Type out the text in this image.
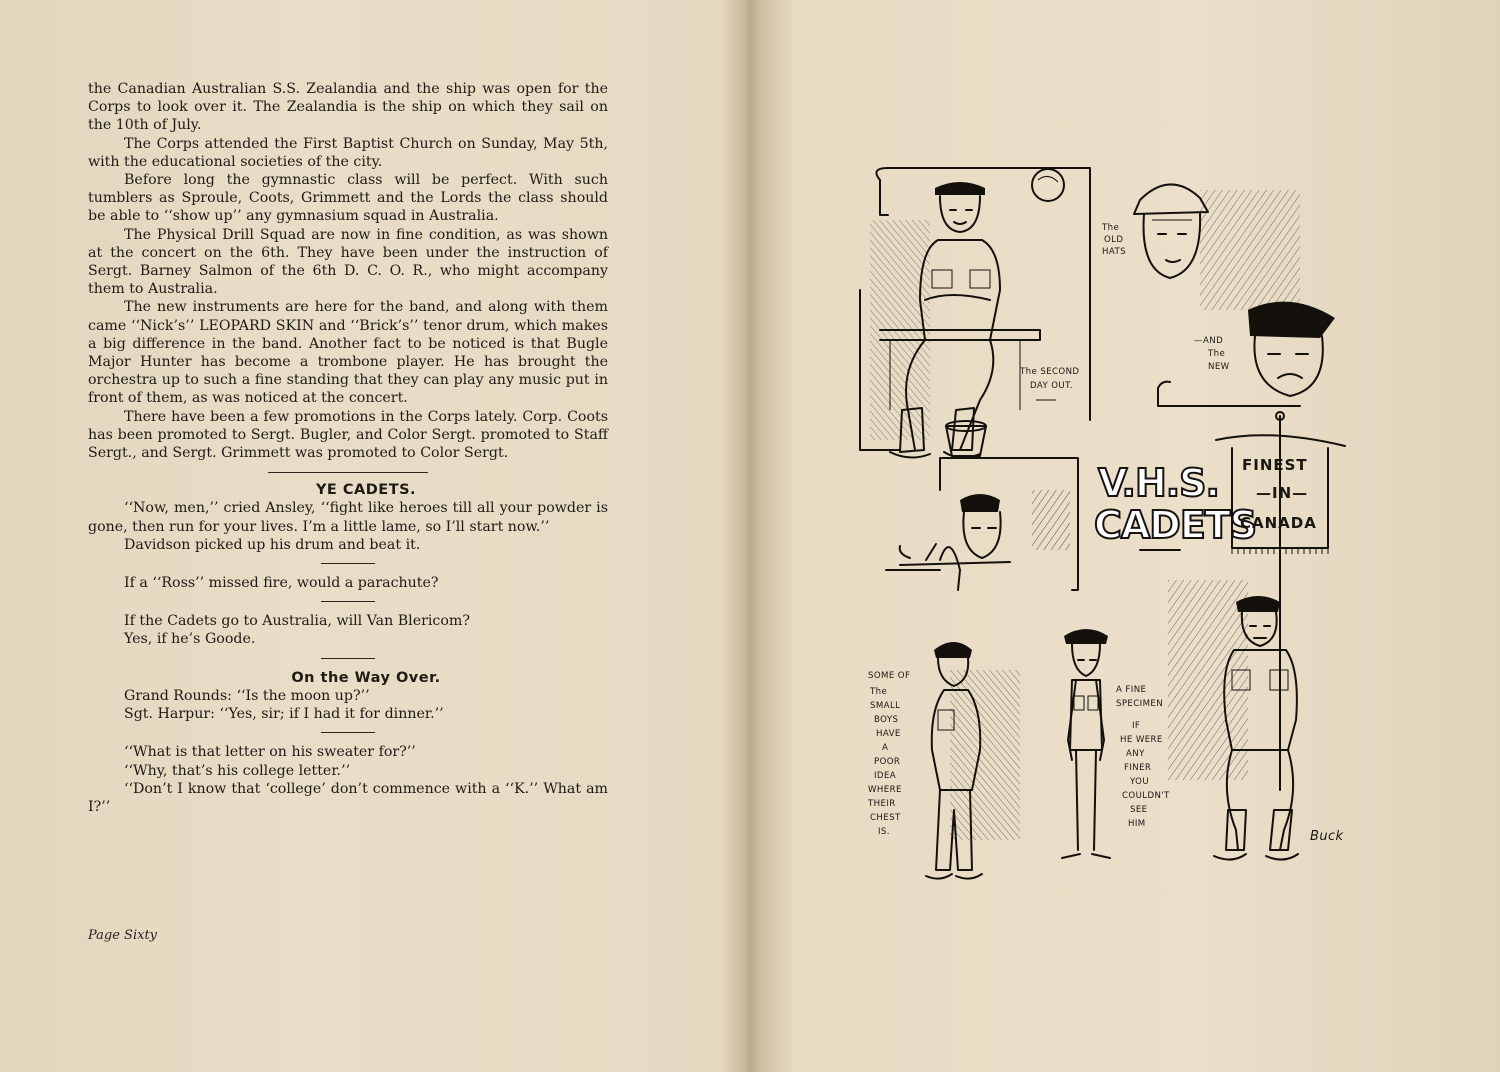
the Canadian Australian S.S. Zealandia and the ship was open for the Corps to look over it. The Zealandia is the ship on which they sail on the 10th of July.

The Corps attended the First Baptist Church on Sunday, May 5th, with the educational societies of the city.

Before long the gymnastic class will be perfect. With such tumblers as Sproule, Coots, Grimmett and the Lords the class should be able to ‘‘show up’’ any gymnasium squad in Australia.

The Physical Drill Squad are now in fine condition, as was shown at the concert on the 6th. They have been under the instruction of Sergt. Barney Salmon of the 6th D. C. O. R., who might accompany them to Australia.

The new instruments are here for the band, and along with them came ‘‘Nick’s’’ LEOPARD SKIN and ‘‘Brick’s’’ tenor drum, which makes a big difference in the band. Another fact to be noticed is that Bugle Major Hunter has become a trombone player. He has brought the orchestra up to such a fine standing that they can play any music put in front of them, as was noticed at the concert.

There have been a few promotions in the Corps lately. Corp. Coots has been promoted to Sergt. Bugler, and Color Sergt. promoted to Staff Sergt., and Sergt. Grimmett was promoted to Color Sergt.

YE CADETS.

‘‘Now, men,’’ cried Ansley, ‘‘fight like heroes till all your powder is gone, then run for your lives. I’m a little lame, so I’ll start now.’’

Davidson picked up his drum and beat it.

If a ‘‘Ross’’ missed fire, would a parachute?

If the Cadets go to Australia, will Van Blericom?

Yes, if he’s Goode.

On the Way Over.

Grand Rounds: ‘‘Is the moon up?’’

Sgt. Harpur: ‘‘Yes, sir; if I had it for dinner.’’

‘‘What is that letter on his sweater for?’’

‘‘Why, that’s his college letter.’’

‘‘Don’t I know that ‘college’ don’t commence with a ‘‘K.’’ What am I?’’

Page Sixty
The SECOND
DAY OUT.
The
OLD
HATS
—AND
The
NEW
V.H.S.
CADETS
FINEST
—IN—
CANADA
SOME OF
The
SMALL
BOYS
HAVE
A
POOR
IDEA
WHERE
THEIR
CHEST
IS.
A FINE
SPECIMEN
IF
HE WERE
ANY
FINER
YOU
COULDN'T
SEE
HIM
Buck
